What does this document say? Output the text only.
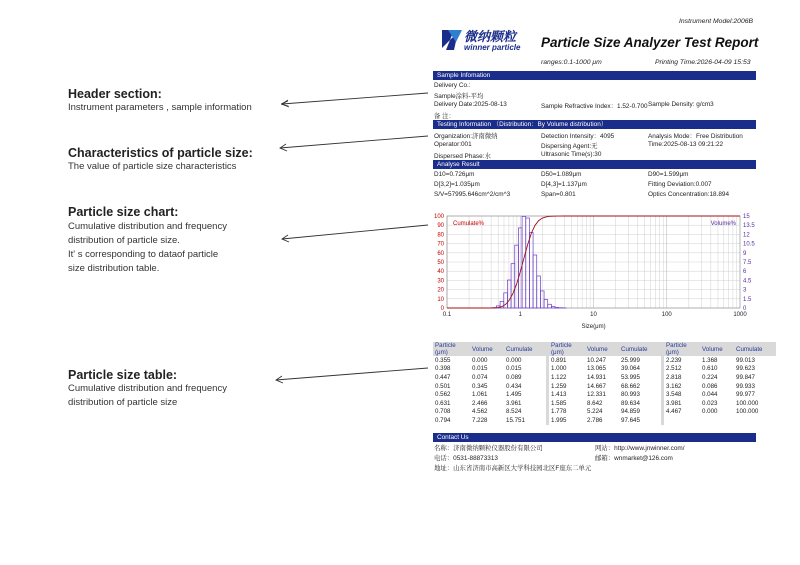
Header section:
Instrument parameters , sample information
Characteristics of particle size:
The value of particle size characteristics
Particle size chart:
Cumulative distribution and frequency
distribution of particle size.
It' s corresponding to dataof particle
size distribution table.
Particle size table:
Cumulative distribution and frequency
distribution of particle size
Instrument Model:2006B
微纳颗粒
winner particle Particle Size Analyzer Test Report
ranges:0.1-1000 μm	Printing Time:2026-04-09 15:53
Sample Infomation
Delivery Co.:
Sample涂料-平均
Delivery Date:2025-08-13	Sample Refractive Index：1.52-0.700 Sample Density: g/cm3
备 注：
Testing Information （Distribution：By Volume distribution）
Organization:济南微纳	Detection Intensity：4095	Analysis Mode：Free Distribution
Operator:001	Dispersing Agent:无	Time:2025-08-13 09:21:22
Dispersed Phase:水	Ultrasonic Time(s):30
Analyse Result
D10=0.726μm	D50=1.089μm	D90=1.599μm
D[3,2]=1.035μm	D[4,3]=1.137μm	Fitting Deviation:0.007
S/V=57995.646cm^2/cm^3	Span=0.801	Optics Concentration:18.894
0
10
20
30
40
50
60
70
80
90
100
0
1.5
3
4.5
6
7.5
9
10.5
12
13.5
15
0.1	1	10	100	1000
Cumulate%	Volume%
Size(μm)
Particle (μm)	Volume	Cumulate		Particle (μm)	Volume	Cumulate		Particle (μm)	Volume	Cumulate
0.355	0.000	0.000		0.891	10.247	25.999		2.239	1.368	99.013
0.398	0.015	0.015		1.000	13.065	39.064		2.512	0.610	99.623
0.447	0.074	0.089		1.122	14.931	53.995		2.818	0.224	99.847
0.501	0.345	0.434		1.259	14.667	68.662		3.162	0.086	99.933
0.562	1.061	1.495		1.413	12.331	80.993		3.548	0.044	99.977
0.631	2.466	3.961		1.585	8.642	89.634		3.981	0.023	100.000
0.708	4.562	8.524		1.778	5.224	94.859		4.467	0.000	100.000
0.794	7.228	15.751		1.995	2.786	97.645				
Contact Us
名称：济南微纳颗粒仪器股份有限公司	网站：http://www.jnwinner.com/
电话：0531-88873313	邮箱：wnmarket@126.com
地址：山东省济南市高新区大学科技园北区F座东二单元
